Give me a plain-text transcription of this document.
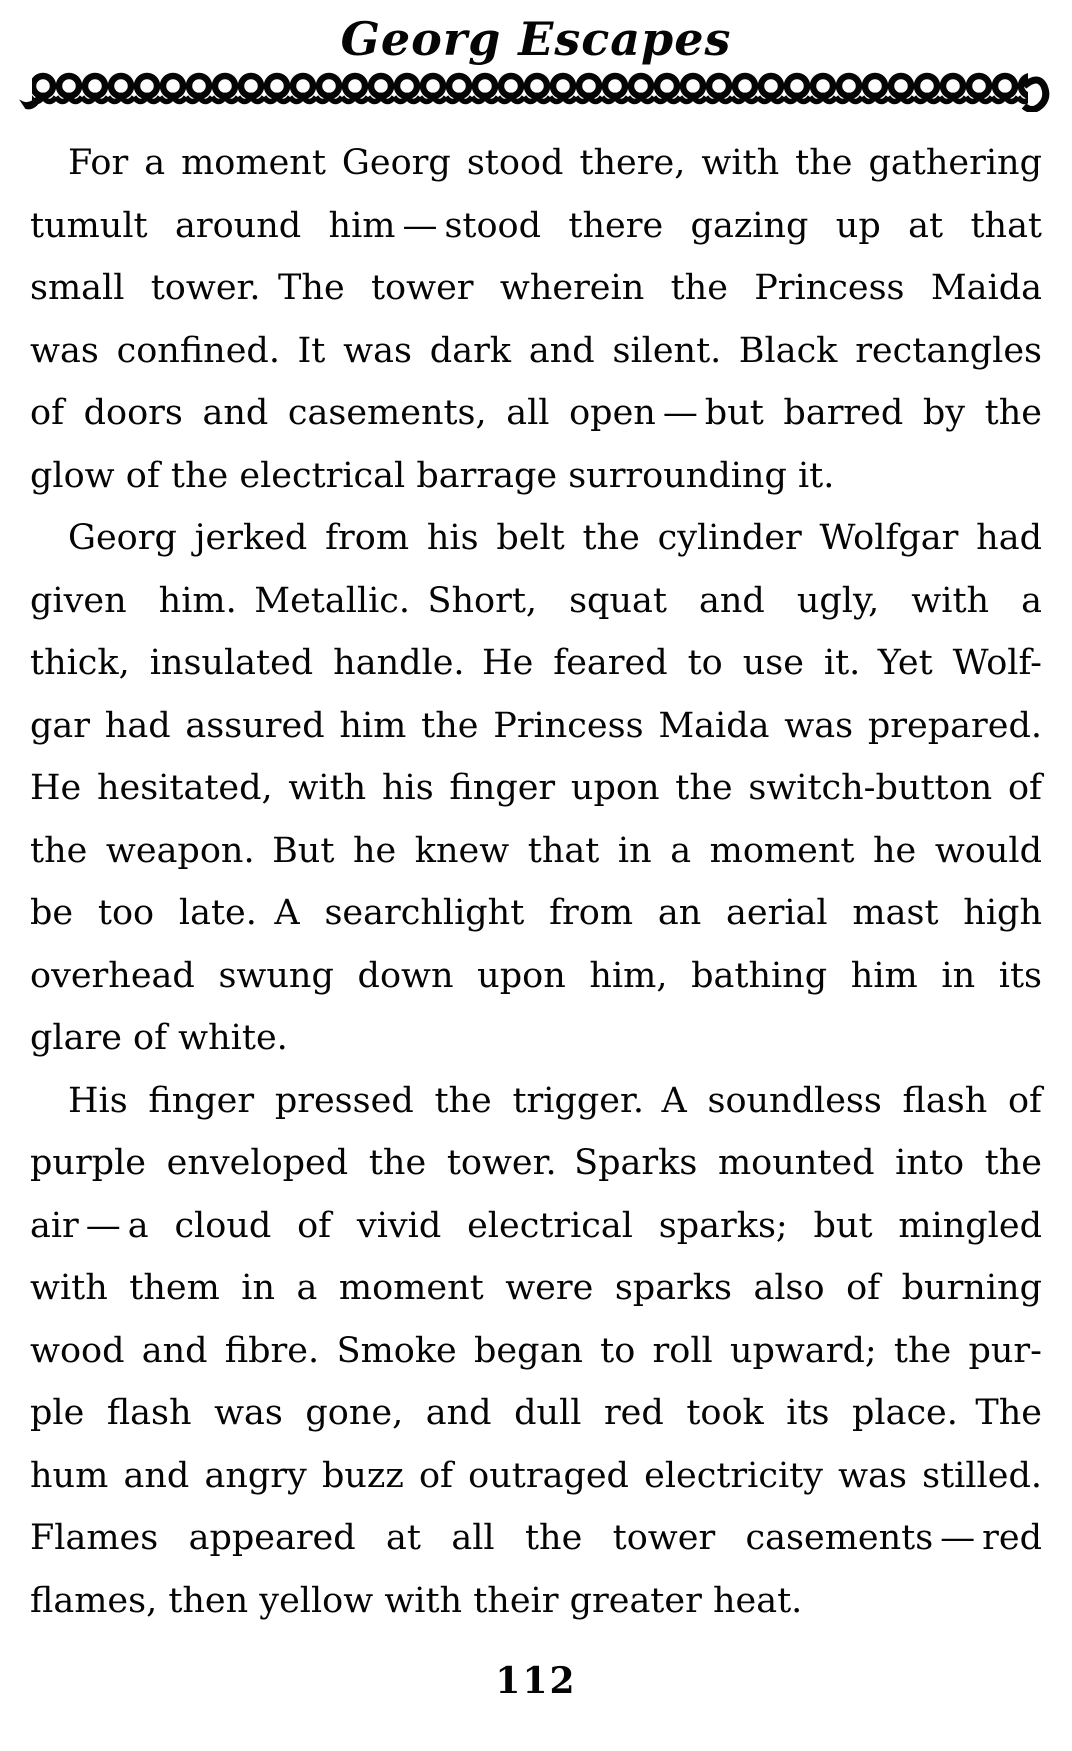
Georg Escapes

For a moment Georg stood there, with the gathering
tumult around him — stood there gazing up at that
small tower. The tower wherein the Princess Maida
was confined. It was dark and silent. Black rectangles
of doors and casements, all open — but barred by the
glow of the electrical barrage surrounding it.

Georg jerked from his belt the cylinder Wolfgar had
given him. Metallic. Short, squat and ugly, with a
thick, insulated handle. He feared to use it. Yet Wolf-
gar had assured him the Princess Maida was prepared.
He hesitated, with his finger upon the switch-button of
the weapon. But he knew that in a moment he would
be too late. A searchlight from an aerial mast high
overhead swung down upon him, bathing him in its
glare of white.

His finger pressed the trigger. A soundless flash of
purple enveloped the tower. Sparks mounted into the
air — a cloud of vivid electrical sparks; but mingled
with them in a moment were sparks also of burning
wood and fibre. Smoke began to roll upward; the pur-
ple flash was gone, and dull red took its place. The
hum and angry buzz of outraged electricity was stilled.
Flames appeared at all the tower casements — red
flames, then yellow with their greater heat.

112
